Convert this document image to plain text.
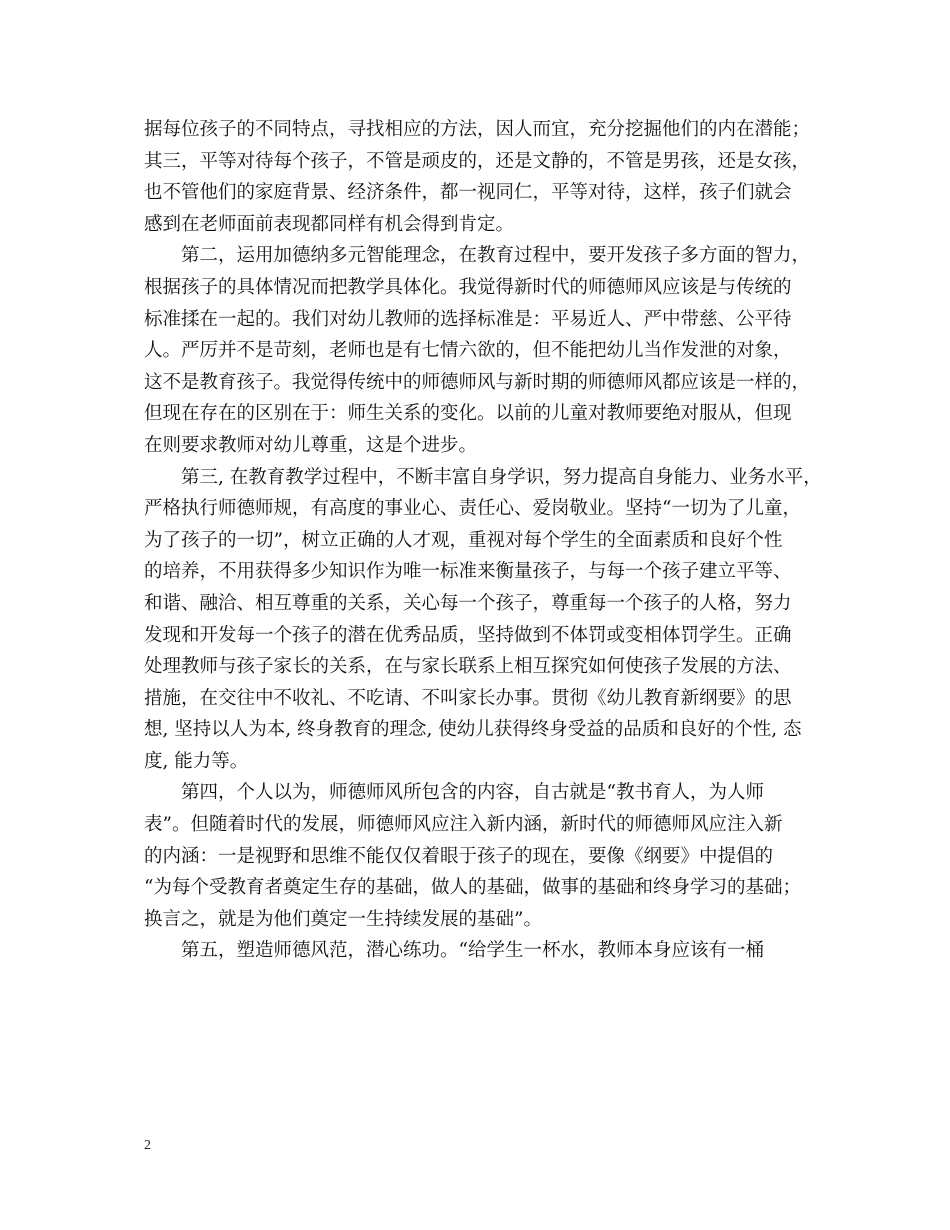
据每位孩子的不同特点，寻找相应的方法，因人而宜，充分挖掘他们的内在潜能；
其三，平等对待每个孩子，不管是顽皮的，还是文静的，不管是男孩，还是女孩，
也不管他们的家庭背景、经济条件，都一视同仁，平等对待，这样，孩子们就会
感到在老师面前表现都同样有机会得到肯定。
第二，运用加德纳多元智能理念，在教育过程中，要开发孩子多方面的智力，
根据孩子的具体情况而把教学具体化。我觉得新时代的师德师风应该是与传统的
标准揉在一起的。我们对幼儿教师的选择标准是：平易近人、严中带慈、公平待
人。严厉并不是苛刻，老师也是有七情六欲的，但不能把幼儿当作发泄的对象，
这不是教育孩子。我觉得传统中的师德师风与新时期的师德师风都应该是一样的，
但现在存在的区别在于：师生关系的变化。以前的儿童对教师要绝对服从，但现
在则要求教师对幼儿尊重，这是个进步。
第三, 在教育教学过程中，不断丰富自身学识，努力提高自身能力、业务水平，
严格执行师德师规，有高度的事业心、责任心、爱岗敬业。坚持“一切为了儿童，
为了孩子的一切”，树立正确的人才观，重视对每个学生的全面素质和良好个性
的培养，不用获得多少知识作为唯一标准来衡量孩子，与每一个孩子建立平等、
和谐、融洽、相互尊重的关系，关心每一个孩子，尊重每一个孩子的人格，努力
发现和开发每一个孩子的潜在优秀品质，坚持做到不体罚或变相体罚学生。正确
处理教师与孩子家长的关系，在与家长联系上相互探究如何使孩子发展的方法、
措施，在交往中不收礼、不吃请、不叫家长办事。贯彻《幼儿教育新纲要》的思
想, 坚持以人为本, 终身教育的理念, 使幼儿获得终身受益的品质和良好的个性, 态
度, 能力等。
第四，个人以为，师德师风所包含的内容，自古就是“教书育人，为人师
表”。但随着时代的发展，师德师风应注入新内涵，新时代的师德师风应注入新
的内涵：一是视野和思维不能仅仅着眼于孩子的现在，要像《纲要》中提倡的
“为每个受教育者奠定生存的基础，做人的基础，做事的基础和终身学习的基础；
换言之，就是为他们奠定一生持续发展的基础”。
第五，塑造师德风范，潜心练功。“给学生一杯水，教师本身应该有一桶
2
